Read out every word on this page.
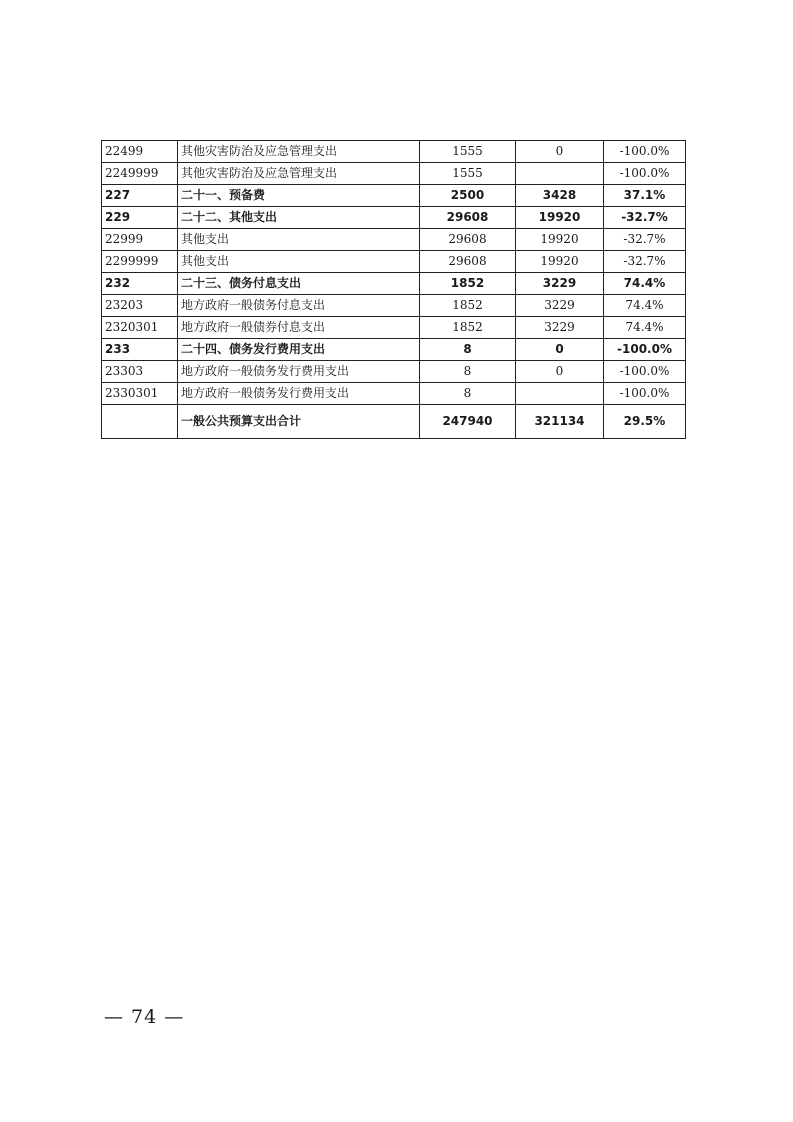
22499	其他灾害防治及应急管理支出	1555	0	-100.0%
2249999	其他灾害防治及应急管理支出	1555		-100.0%
227	二十一、预备费	2500	3428	37.1%
229	二十二、其他支出	29608	19920	-32.7%
22999	其他支出	29608	19920	-32.7%
2299999	其他支出	29608	19920	-32.7%
232	二十三、债务付息支出	1852	3229	74.4%
23203	地方政府一般债务付息支出	1852	3229	74.4%
2320301	地方政府一般债券付息支出	1852	3229	74.4%
233	二十四、债务发行费用支出	8	0	-100.0%
23303	地方政府一般债务发行费用支出	8	0	-100.0%
2330301	地方政府一般债务发行费用支出	8		-100.0%
	一般公共预算支出合计	247940	321134	29.5%
— 74 —
